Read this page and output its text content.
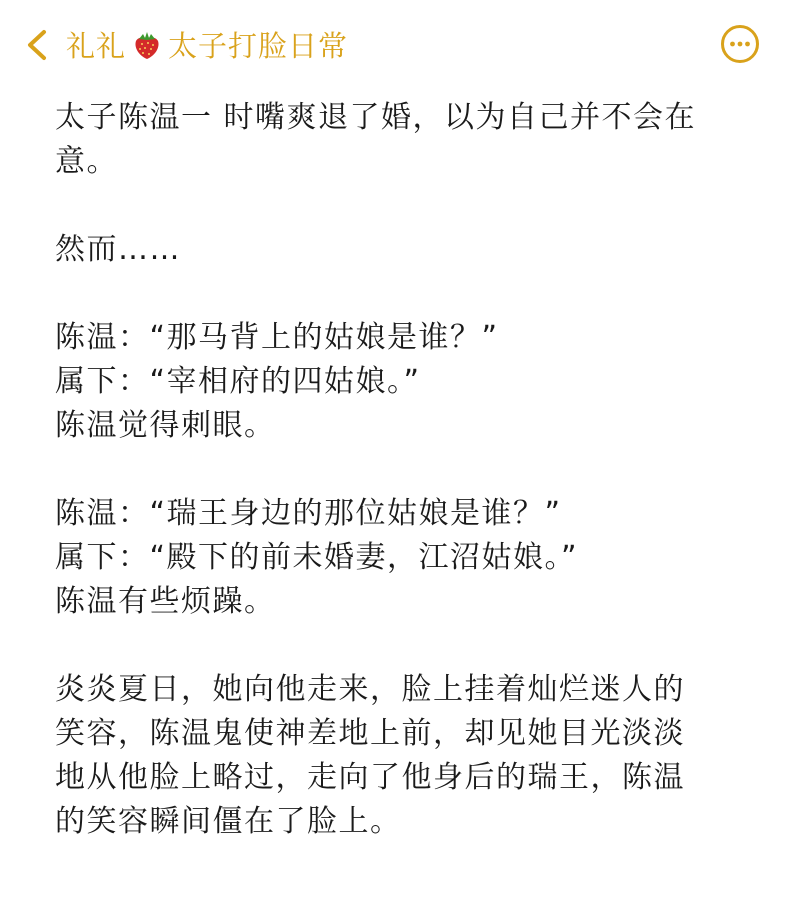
礼礼 太子打脸日常
太子陈温一 时嘴爽退了婚，以为自己并不会在
意。
然而……
陈温：“那马背上的姑娘是谁？”
属下：“宰相府的四姑娘。”
陈温觉得刺眼。
陈温：“瑞王身边的那位姑娘是谁？”
属下：“殿下的前未婚妻，江沼姑娘。”
陈温有些烦躁。
炎炎夏日，她向他走来，脸上挂着灿烂迷人的
笑容，陈温鬼使神差地上前，却见她目光淡淡
地从他脸上略过，走向了他身后的瑞王，陈温
的笑容瞬间僵在了脸上。
